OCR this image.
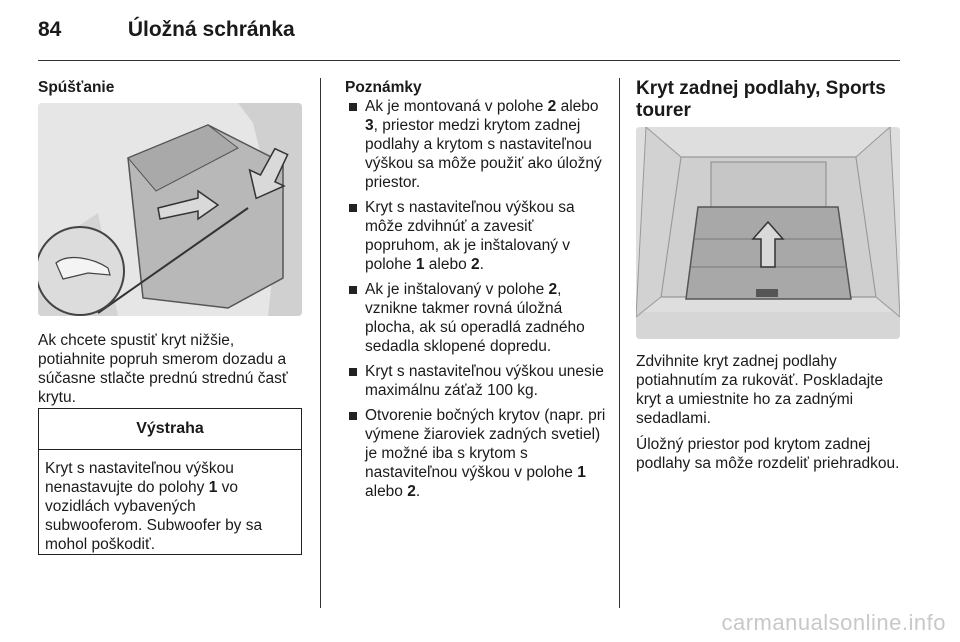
84	Úložná schránka

Spúšťanie

Ak chcete spustiť kryt nižšie, potiahnite popruh smerom dozadu a súčasne stlačte prednú strednú časť krytu.

Výstraha
Kryt s nastaviteľnou výškou nenastavujte do polohy 1 vo vozidlách vybavených subwooferom. Subwoofer by sa mohol poškodiť.
Poznámky
Ak je montovaná v polohe 2 alebo 3, priestor medzi krytom zadnej podlahy a krytom s nastaviteľnou výškou sa môže použiť ako úložný priestor.
Kryt s nastaviteľnou výškou sa môže zdvihnúť a zavesiť popruhom, ak je inštalovaný v polohe 1 alebo 2.
Ak je inštalovaný v polohe 2, vznikne takmer rovná úložná plocha, ak sú operadlá zadného sedadla sklopené dopredu.
Kryt s nastaviteľnou výškou unesie maximálnu záťaž 100 kg.
Otvorenie bočných krytov (napr. pri výmene žiaroviek zadných svetiel) je možné iba s krytom s nastaviteľnou výškou v polohe 1 alebo 2.
Kryt zadnej podlahy, Sports tourer

Zdvihnite kryt zadnej podlahy potiahnutím za rukoväť. Poskladajte kryt a umiestnite ho za zadnými sedadlami.

Úložný priestor pod krytom zadnej podlahy sa môže rozdeliť priehradkou.

carmanualsonline.info
